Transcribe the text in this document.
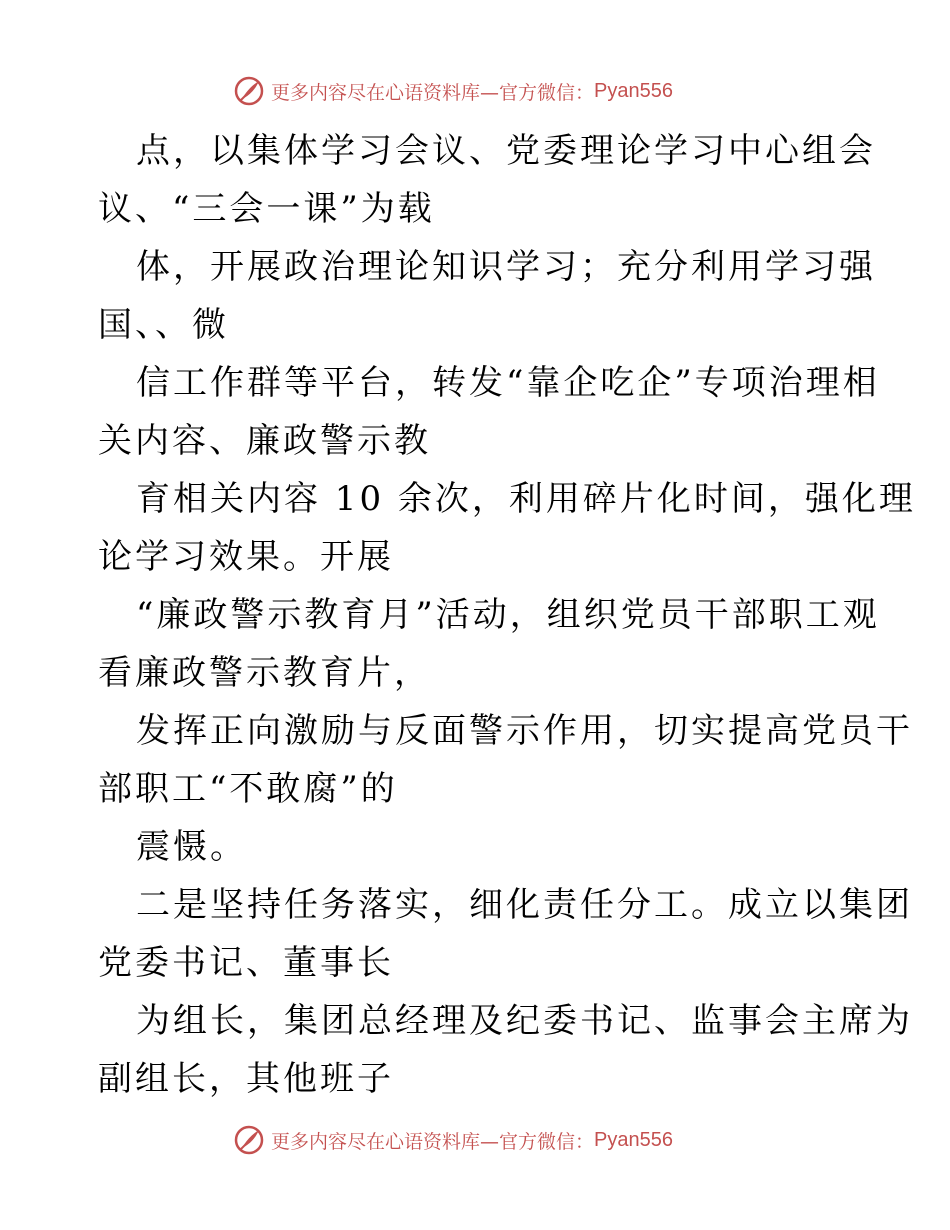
更多内容尽在心语资料库—官方微信： Pyan556
点，以集体学习会议、党委理论学习中心组会
议、“三会一课”为载
体，开展政治理论知识学习；充分利用学习强
国、、微
信工作群等平台，转发“靠企吃企”专项治理相
关内容、廉政警示教
育相关内容 10 余次，利用碎片化时间，强化理
论学习效果。开展
“廉政警示教育月”活动，组织党员干部职工观
看廉政警示教育片，
发挥正向激励与反面警示作用，切实提高党员干
部职工“不敢腐”的
震慑。
二是坚持任务落实，细化责任分工。成立以集团
党委书记、董事长
为组长，集团总经理及纪委书记、监事会主席为
副组长，其他班子
更多内容尽在心语资料库—官方微信： Pyan556
